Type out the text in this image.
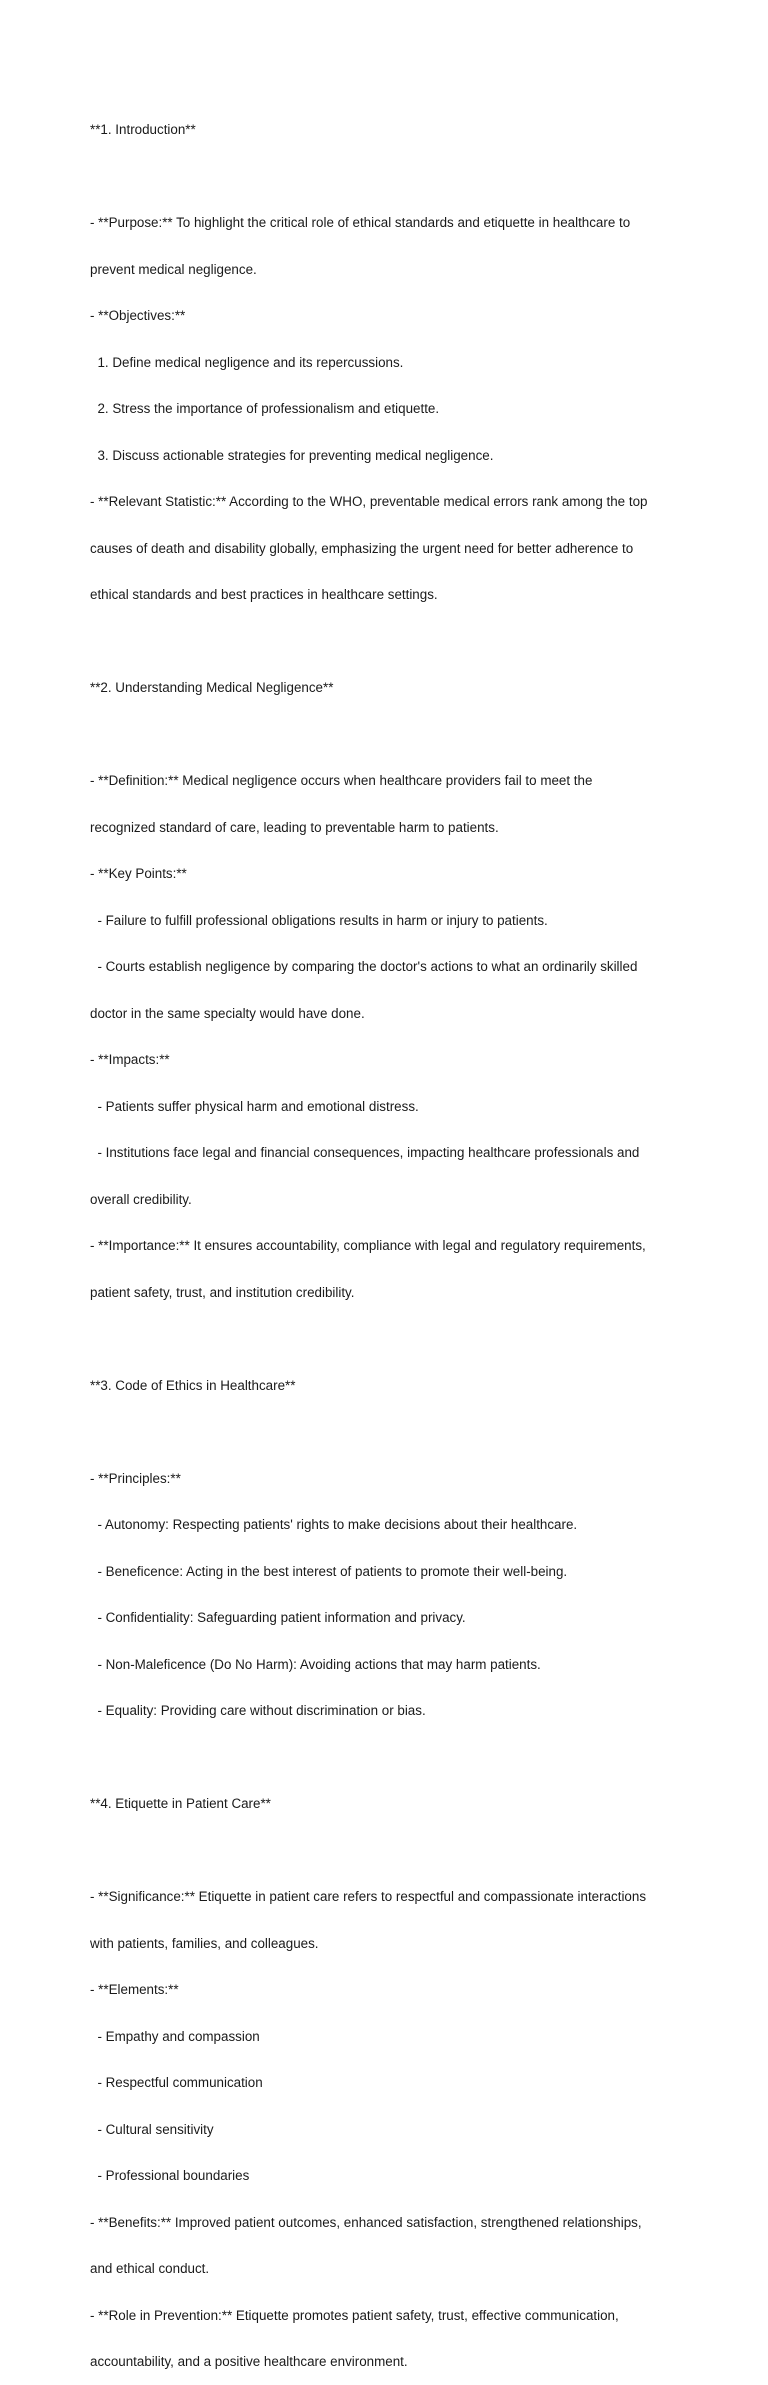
**1. Introduction**

- **Purpose:** To highlight the critical role of ethical standards and etiquette in healthcare to

prevent medical negligence.

- **Objectives:**

1. Define medical negligence and its repercussions.

2. Stress the importance of professionalism and etiquette.

3. Discuss actionable strategies for preventing medical negligence.

- **Relevant Statistic:** According to the WHO, preventable medical errors rank among the top

causes of death and disability globally, emphasizing the urgent need for better adherence to

ethical standards and best practices in healthcare settings.

**2. Understanding Medical Negligence**

- **Definition:** Medical negligence occurs when healthcare providers fail to meet the

recognized standard of care, leading to preventable harm to patients.

- **Key Points:**

- Failure to fulfill professional obligations results in harm or injury to patients.

- Courts establish negligence by comparing the doctor's actions to what an ordinarily skilled

doctor in the same specialty would have done.

- **Impacts:**

- Patients suffer physical harm and emotional distress.

- Institutions face legal and financial consequences, impacting healthcare professionals and

overall credibility.

- **Importance:** It ensures accountability, compliance with legal and regulatory requirements,

patient safety, trust, and institution credibility.

**3. Code of Ethics in Healthcare**

- **Principles:**

- Autonomy: Respecting patients' rights to make decisions about their healthcare.

- Beneficence: Acting in the best interest of patients to promote their well-being.

- Confidentiality: Safeguarding patient information and privacy.

- Non-Maleficence (Do No Harm): Avoiding actions that may harm patients.

- Equality: Providing care without discrimination or bias.

**4. Etiquette in Patient Care**

- **Significance:** Etiquette in patient care refers to respectful and compassionate interactions

with patients, families, and colleagues.

- **Elements:**

- Empathy and compassion

- Respectful communication

- Cultural sensitivity

- Professional boundaries

- **Benefits:** Improved patient outcomes, enhanced satisfaction, strengthened relationships,

and ethical conduct.

- **Role in Prevention:** Etiquette promotes patient safety, trust, effective communication,

accountability, and a positive healthcare environment.
